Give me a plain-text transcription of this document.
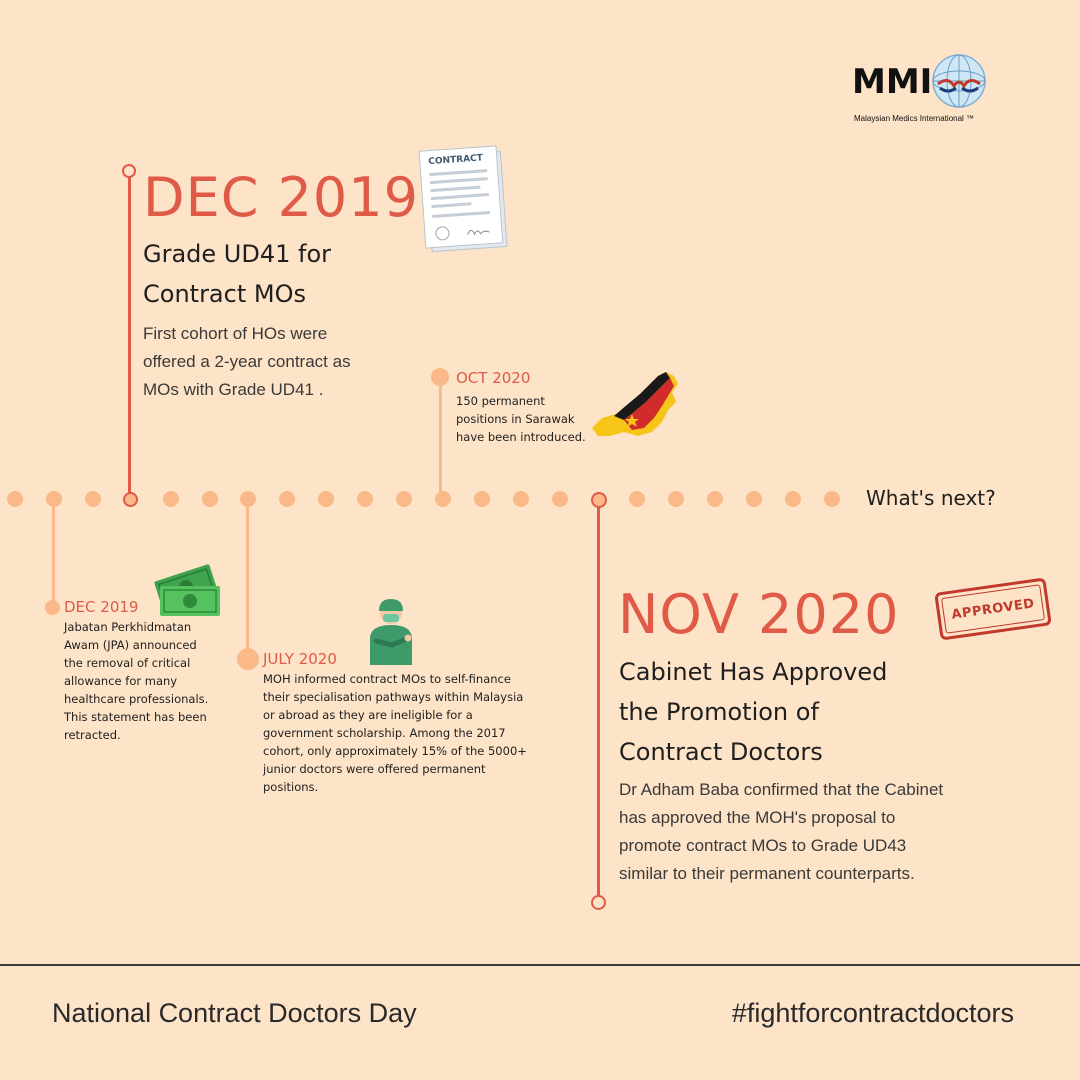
MMI
Malaysian Medics International ™
What's next?
DEC 2019
Grade UD41 for
Contract MOs
First cohort of HOs were
offered a 2-year contract as
MOs with Grade UD41 .
CONTRACT
OCT 2020
150 permanent
positions in Sarawak
have been introduced.
DEC 2019
Jabatan Perkhidmatan
Awam (JPA) announced
the removal of critical
allowance for many
healthcare professionals.
This statement has been
retracted.
JULY 2020
MOH informed contract MOs to self-finance
their specialisation pathways within Malaysia
or abroad as they are ineligible for a
government scholarship. Among the 2017
cohort, only approximately 15% of the 5000+
junior doctors were offered permanent
positions.
NOV 2020	APPROVED
Cabinet Has Approved
the Promotion of
Contract Doctors
Dr Adham Baba confirmed that the Cabinet
has approved the MOH's proposal to
promote contract MOs to Grade UD43
similar to their permanent counterparts.
National Contract Doctors Day	#fightforcontractdoctors
